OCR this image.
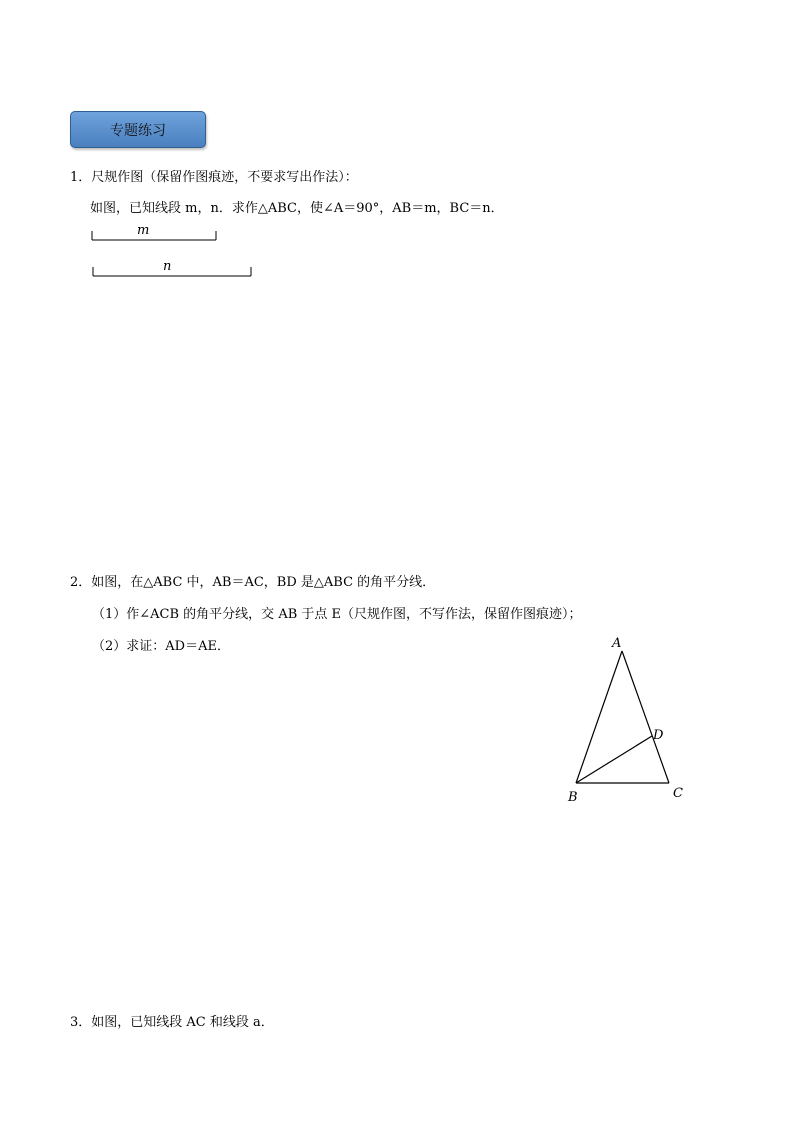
专题练习
1．尺规作图（保留作图痕迹，不要求写出作法）：
如图，已知线段 m，n．求作△ABC，使∠A＝90°，AB＝m，BC＝n．
m
n
A
B	C
D
2．如图，在△ABC 中，AB＝AC，BD 是△ABC 的角平分线．
（1）作∠ACB 的角平分线，交 AB 于点 E（尺规作图，不写作法，保留作图痕迹）；
（2）求证：AD＝AE．
3．如图，已知线段 AC 和线段 a．
